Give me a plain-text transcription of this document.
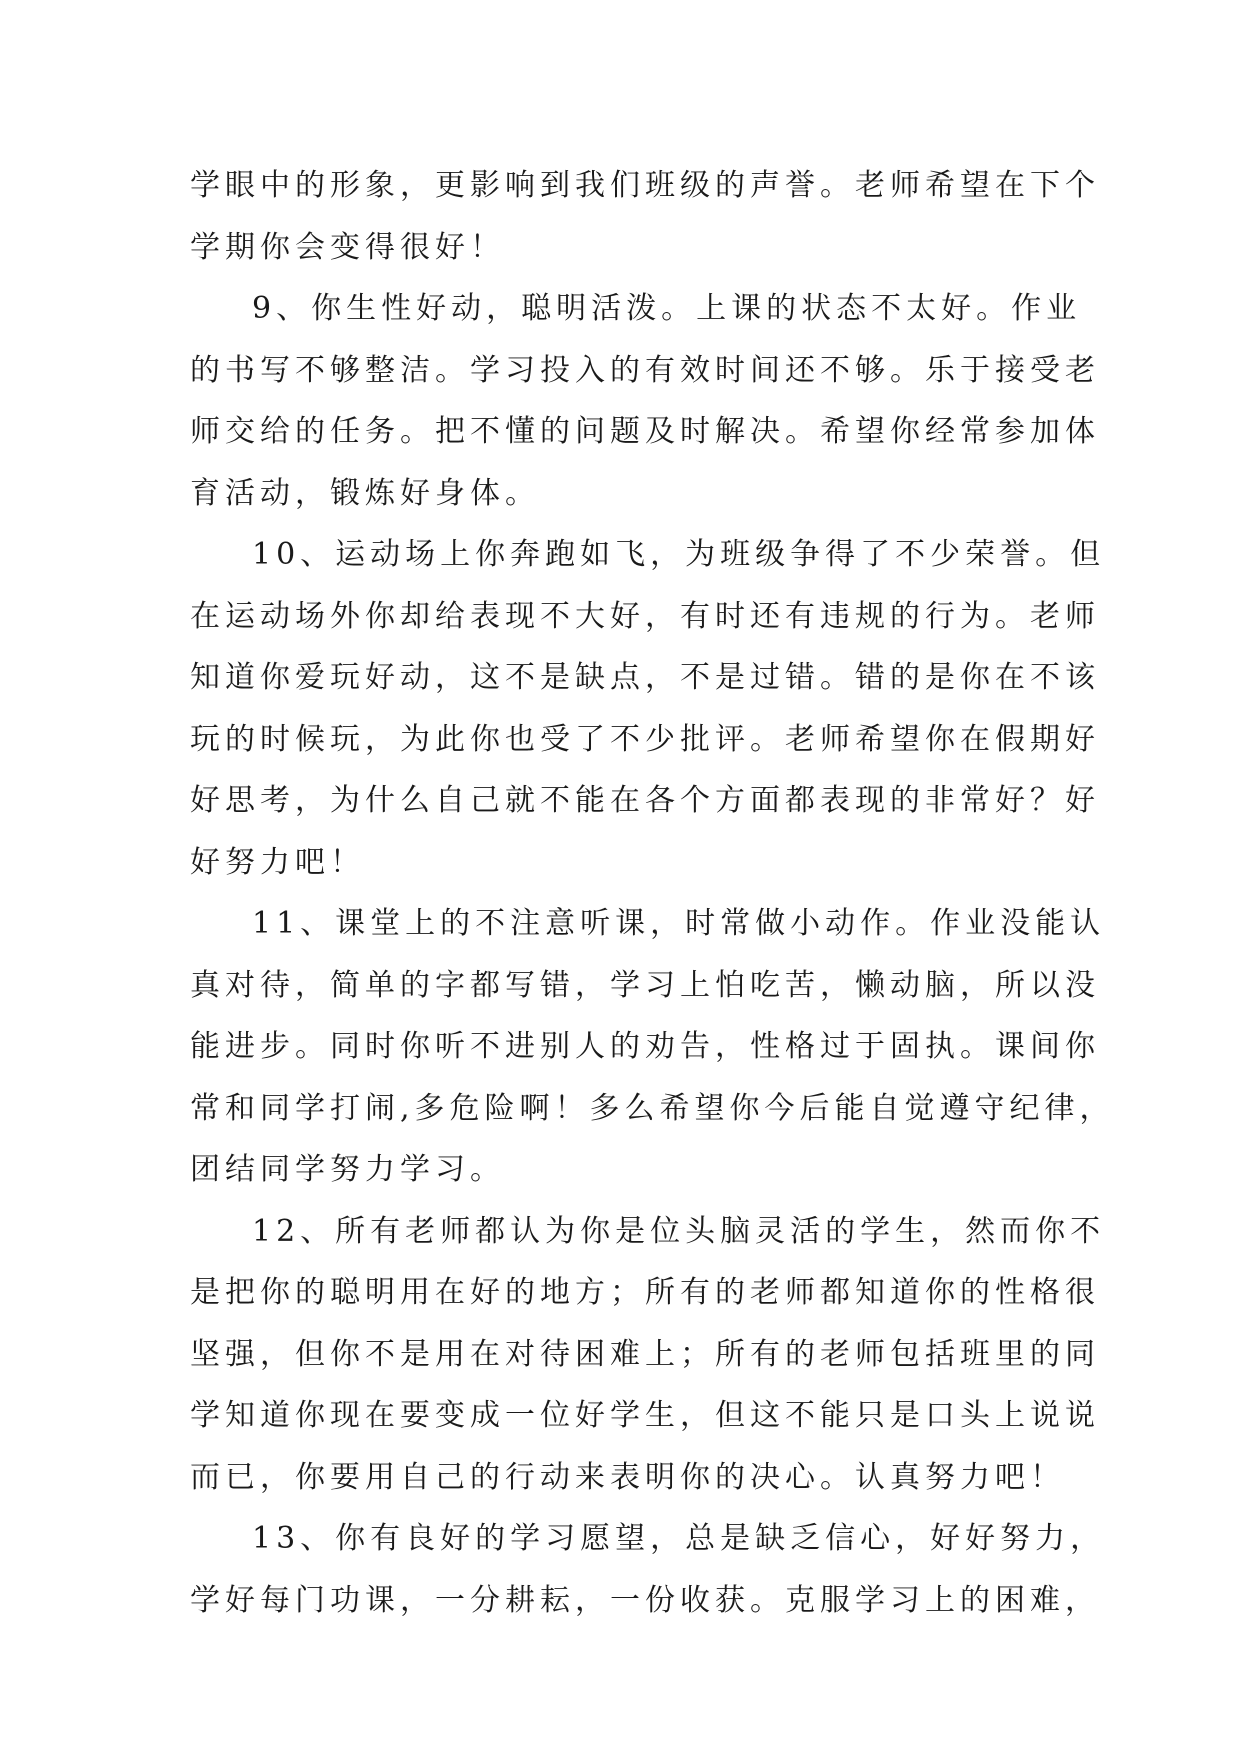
学眼中的形象，更影响到我们班级的声誉。老师希望在下个

学期你会变得很好！

9、你生性好动，聪明活泼。上课的状态不太好。作业

的书写不够整洁。学习投入的有效时间还不够。乐于接受老

师交给的任务。把不懂的问题及时解决。希望你经常参加体

育活动，锻炼好身体。

10、运动场上你奔跑如飞，为班级争得了不少荣誉。但

在运动场外你却给表现不大好，有时还有违规的行为。老师

知道你爱玩好动，这不是缺点，不是过错。错的是你在不该

玩的时候玩，为此你也受了不少批评。老师希望你在假期好

好思考，为什么自己就不能在各个方面都表现的非常好？好

好努力吧！

11、课堂上的不注意听课，时常做小动作。作业没能认

真对待，简单的字都写错，学习上怕吃苦，懒动脑，所以没

能进步。同时你听不进别人的劝告，性格过于固执。课间你

常和同学打闹,多危险啊！多么希望你今后能自觉遵守纪律，

团结同学努力学习。

12、所有老师都认为你是位头脑灵活的学生，然而你不

是把你的聪明用在好的地方；所有的老师都知道你的性格很

坚强，但你不是用在对待困难上；所有的老师包括班里的同

学知道你现在要变成一位好学生，但这不能只是口头上说说

而已，你要用自己的行动来表明你的决心。认真努力吧！

13、你有良好的学习愿望，总是缺乏信心，好好努力，

学好每门功课，一分耕耘，一份收获。克服学习上的困难，
